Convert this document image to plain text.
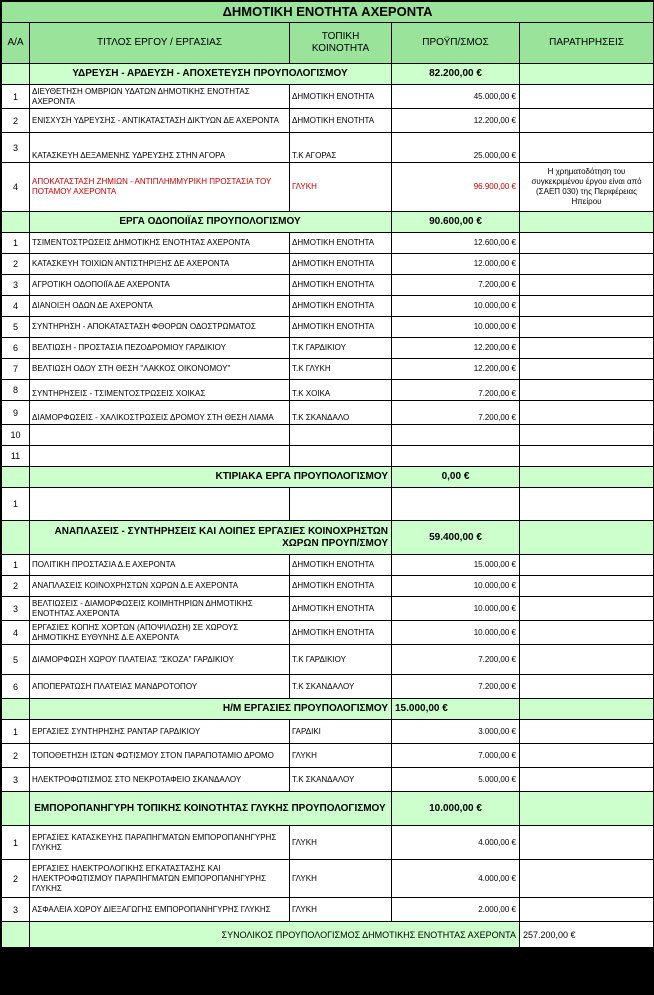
ΔΗΜΟΤΙΚΗ ΕΝΟΤΗΤΑ ΑΧΕΡΟΝΤΑ				
Α/Α	ΤΙΤΛΟΣ ΕΡΓΟΥ / ΕΡΓΑΣΙΑΣ	ΤΟΠΙΚΗ ΚΟΙΝΟΤΗΤΑ	ΠΡΟΫΠ/ΣΜΟΣ	ΠΑΡΑΤΗΡΗΣΕΙΣ
	ΥΔΡΕΥΣΗ - ΑΡΔΕΥΣΗ - ΑΠΟΧΕΤΕΥΣΗ ΠΡΟΥΠΟΛΟΓΙΣΜΟΥ		82.200,00 €	
1	ΔΙΕΥΘΕΤΗΣΗ ΟΜΒΡΙΩΝ ΥΔΑΤΩΝ ΔΗΜΟΤΙΚΗΣ ΕΝΟΤΗΤΑΣ ΑΧΕΡΟΝΤΑ	ΔΗΜΟΤΙΚΗ ΕΝΟΤΗΤΑ	45.000,00 €	
2	ΕΝΙΣΧΥΣΗ ΥΔΡΕΥΣΗΣ - ΑΝΤΙΚΑΤΑΣΤΑΣΗ ΔΙΚΤΥΩΝ ΔΕ ΑΧΕΡΟΝΤΑ	ΔΗΜΟΤΙΚΗ ΕΝΟΤΗΤΑ	12.200,00 €	
3	ΚΑΤΑΣΚΕΥΗ ΔΕΞΑΜΕΝΗΣ ΥΔΡΕΥΣΗΣ ΣΤΗΝ ΑΓΟΡΑ	Τ.Κ ΑΓΟΡΑΣ	25.000,00 €	
4	ΑΠΟΚΑΤΑΣΤΑΣΗ ΖΗΜΙΩΝ - ΑΝΤΙΠΛΗΜΜΥΡΙΚΗ ΠΡΟΣΤΑΣΙΑ ΤΟΥ ΠΟΤΑΜΟΥ ΑΧΕΡΟΝΤΑ	ΓΛΥΚΗ	96.900,00 €	Η χρηματοδότηση του συγκεκριμένου έργου είναι από (ΣΑΕΠ 030) της Περιφέρειας Ηπείρου
	ΕΡΓΑ ΟΔΟΠΟΙΪΑΣ ΠΡΟΥΠΟΛΟΓΙΣΜΟΥ		90.600,00 €	
1	ΤΣΙΜΕΝΤΟΣΤΡΩΣΕΙΣ ΔΗΜΟΤΙΚΗΣ ΕΝΟΤΗΤΑΣ ΑΧΕΡΟΝΤΑ	ΔΗΜΟΤΙΚΗ ΕΝΟΤΗΤΑ	12.600,00 €	
2	ΚΑΤΑΣΚΕΥΗ ΤΟΙΧΙΩΝ ΑΝΤΙΣΤΗΡΙΞΗΣ ΔΕ ΑΧΕΡΟΝΤΑ	ΔΗΜΟΤΙΚΗ ΕΝΟΤΗΤΑ	12.000,00 €	
3	ΑΓΡΟΤΙΚΗ ΟΔΟΠΟΙΪΑ ΔΕ ΑΧΕΡΟΝΤΑ	ΔΗΜΟΤΙΚΗ ΕΝΟΤΗΤΑ	7.200,00 €	
4	ΔΙΑΝΟΙΞΗ ΟΔΩΝ ΔΕ ΑΧΕΡΟΝΤΑ	ΔΗΜΟΤΙΚΗ ΕΝΟΤΗΤΑ	10.000,00 €	
5	ΣΥΝΤΗΡΗΣΗ - ΑΠΟΚΑΤΑΣΤΑΣΗ ΦΘΟΡΩΝ ΟΔΟΣΤΡΩΜΑΤΟΣ	ΔΗΜΟΤΙΚΗ ΕΝΟΤΗΤΑ	10.000,00 €	
6	ΒΕΛΤΙΩΣΗ - ΠΡΟΣΤΑΣΙΑ ΠΕΖΟΔΡΟΜΙΟΥ ΓΑΡΔΙΚΙΟΥ	Τ.Κ ΓΑΡΔΙΚΙΟΥ	12.200,00 €	
7	ΒΕΛΤΙΩΣΗ ΟΔΟΥ ΣΤΗ ΘΕΣΗ "ΛΑΚΚΟΣ ΟΙΚΟΝΟΜΟΥ"	Τ.Κ ΓΛΥΚΗ	12.200,00 €	
8	ΣΥΝΤΗΡΗΣΕΙΣ - ΤΣΙΜΕΝΤΟΣΤΡΩΣΕΙΣ ΧΟΙΚΑΣ	Τ.Κ ΧΟΙΚΑ	7.200,00 €	
9	ΔΙΑΜΟΡΦΩΣΕΙΣ - ΧΑΛΙΚΟΣΤΡΩΣΕΙΣ ΔΡΟΜΟΥ ΣΤΗ ΘΕΣΗ ΛΙΑΜΑ	Τ.Κ ΣΚΑΝΔΑΛΟ	7.200,00 €	
10				
11				
	ΚΤΙΡΙΑΚΑ ΕΡΓΑ ΠΡΟΥΠΟΛΟΓΙΣΜΟΥ		0,00 €	
1				
	ΑΝΑΠΛΑΣΕΙΣ - ΣΥΝΤΗΡΗΣΕΙΣ ΚΑΙ ΛΟΙΠΕΣ ΕΡΓΑΣΙΕΣ ΚΟΙΝΟΧΡΗΣΤΩΝ ΧΩΡΩΝ ΠΡΟΥΠ/ΣΜΟΥ		59.400,00 €	
1	ΠΟΛΙΤΙΚΗ ΠΡΟΣΤΑΣΙΑ Δ.Ε ΑΧΕΡΟΝΤΑ	ΔΗΜΟΤΙΚΗ ΕΝΟΤΗΤΑ	15.000,00 €	
2	ΑΝΑΠΛΑΣΕΙΣ ΚΟΙΝΟΧΡΗΣΤΩΝ ΧΩΡΩΝ Δ.Ε ΑΧΕΡΟΝΤΑ	ΔΗΜΟΤΙΚΗ ΕΝΟΤΗΤΑ	10.000,00 €	
3	ΒΕΛΤΙΩΣΕΙΣ - ΔΙΑΜΟΡΦΩΣΕΙΣ ΚΟΙΜΗΤΗΡΙΩΝ ΔΗΜΟΤΙΚΗΣ ΕΝΟΤΗΤΑΣ ΑΧΕΡΟΝΤΑ	ΔΗΜΟΤΙΚΗ ΕΝΟΤΗΤΑ	10.000,00 €	
4	ΕΡΓΑΣΙΕΣ ΚΟΠΗΣ ΧΟΡΤΩΝ (ΑΠΟΨΙΛΩΣΗ) ΣΕ ΧΩΡΟΥΣ ΔΗΜΟΤΙΚΗΣ ΕΥΘΥΝΗΣ Δ.Ε ΑΧΕΡΟΝΤΑ	ΔΗΜΟΤΙΚΗ ΕΝΟΤΗΤΑ	10.000,00 €	
5	ΔΙΑΜΟΡΦΩΣΗ ΧΩΡΟΥ ΠΛΑΤΕΙΑΣ "ΣΚΟΖΑ" ΓΑΡΔΙΚΙΟΥ	Τ.Κ ΓΑΡΔΙΚΙΟΥ	7.200,00 €	
6	ΑΠΟΠΕΡΑΤΩΣΗ ΠΛΑΤΕΙΑΣ ΜΑΝΔΡΟΤΟΠΟΥ	Τ.Κ ΣΚΑΝΔΑΛΟΥ	7.200,00 €	
	Η/Μ ΕΡΓΑΣΙΕΣ ΠΡΟΥΠΟΛΟΓΙΣΜΟΥ		15.000,00 €	
1	ΕΡΓΑΣΙΕΣ ΣΥΝΤΗΡΗΣΗΣ ΡΑΝΤΑΡ ΓΑΡΔΙΚΙΟΥ	ΓΑΡΔΙΚΙ	3.000,00 €	
2	ΤΟΠΟΘΕΤΗΣΗ ΙΣΤΩΝ ΦΩΤΙΣΜΟΥ ΣΤΟΝ ΠΑΡΑΠΟΤΑΜΙΟ ΔΡΟΜΟ	ΓΛΥΚΗ	7.000,00 €	
3	ΗΛΕΚΤΡΟΦΩΤΙΣΜΟΣ ΣΤΟ ΝΕΚΡΟΤΑΦΕΙΟ ΣΚΑΝΔΑΛΟΥ	Τ.Κ ΣΚΑΝΔΑΛΟΥ	5.000,00 €	
	ΕΜΠΟΡΟΠΑΝΗΓΥΡΗ ΤΟΠΙΚΗΣ ΚΟΙΝΟΤΗΤΑΣ ΓΛΥΚΗΣ ΠΡΟΥΠΟΛΟΓΙΣΜΟΥ		10.000,00 €	
1	ΕΡΓΑΣΙΕΣ ΚΑΤΑΣΚΕΥΗΣ ΠΑΡΑΠΗΓΜΑΤΩΝ ΕΜΠΟΡΟΠΑΝΗΓΥΡΗΣ ΓΛΥΚΗΣ	ΓΛΥΚΗ	4.000,00 €	
2	ΕΡΓΑΣΙΕΣ ΗΛΕΚΤΡΟΛΟΓΙΚΗΣ ΕΓΚΑΤΑΣΤΑΣΗΣ ΚΑΙ ΗΛΕΚΤΡΟΦΩΤΙΣΜΟΥ ΠΑΡΑΠΗΓΜΑΤΩΝ ΕΜΠΟΡΟΠΑΝΗΓΥΡΗΣ ΓΛΥΚΗΣ	ΓΛΥΚΗ	4.000,00 €	
3	ΑΣΦΑΛΕΙΑ ΧΩΡΟΥ ΔΙΕΞΑΓΩΓΗΣ ΕΜΠΟΡΟΠΑΝΗΓΥΡΗΣ ΓΛΥΚΗΣ	ΓΛΥΚΗ	2.000,00 €	
	ΣΥΝΟΛΙΚΟΣ ΠΡΟΥΠΟΛΟΓΙΣΜΟΣ ΔΗΜΟΤΙΚΗΣ ΕΝΟΤΗΤΑΣ ΑΧΕΡΟΝΤΑ			257.200,00 €
